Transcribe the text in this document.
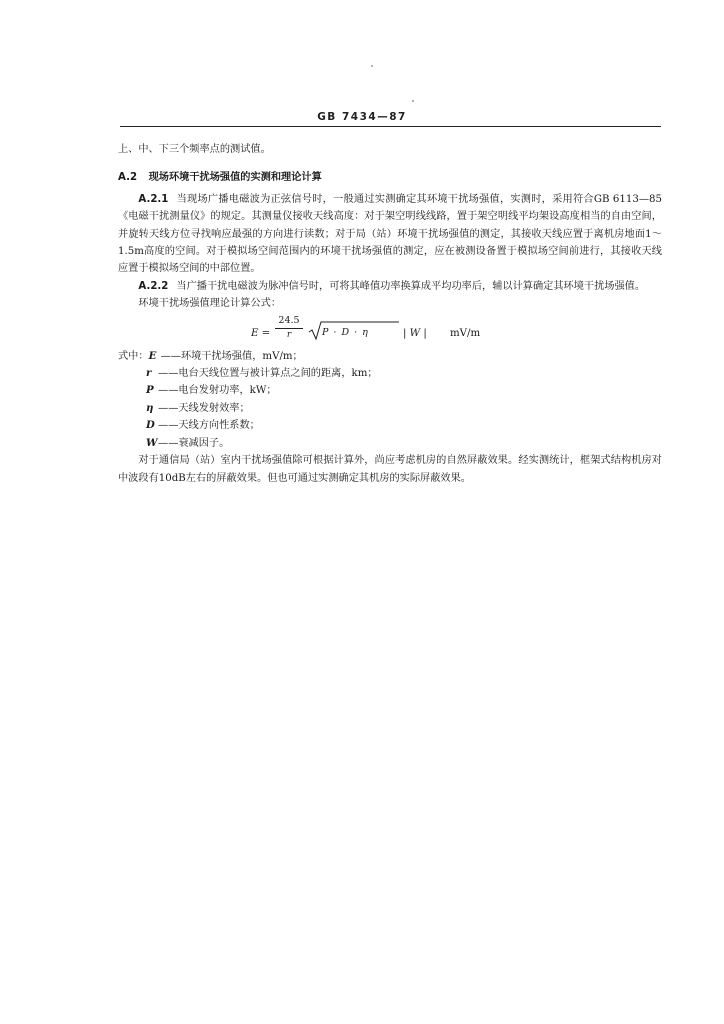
GB 7434—87

上、中、下三个频率点的测试值。

A.2 现场环境干扰场强值的实测和理论计算

A.2.1 当现场广播电磁波为正弦信号时，一般通过实测确定其环境干扰场强值，实测时，采用符合GB 6113—85《电磁干扰测量仪》的规定。其测量仪接收天线高度：对于架空明线线路，置于架空明线平均架设高度相当的自由空间，并旋转天线方位寻找响应最强的方向进行读数；对于局（站）环境干扰场强值的测定，其接收天线应置于离机房地面1～1.5m高度的空间。对于模拟场空间范围内的环境干扰场强值的测定，应在被测设备置于模拟场空间前进行，其接收天线应置于模拟场空间的中部位置。

A.2.2 当广播干扰电磁波为脉冲信号时，可将其峰值功率换算成平均功率后，辅以计算确定其环境干扰场强值。

环境干扰场强值理论计算公式：

E =
24.5
r	P · D · η	| W | mV/m

式中：E ——环境干扰场强值，mV/m；

r ——电台天线位置与被计算点之间的距离，km；

P ——电台发射功率，kW；

η ——天线发射效率；

D ——天线方向性系数；

W——衰减因子。

对于通信局（站）室内干扰场强值除可根据计算外，尚应考虑机房的自然屏蔽效果。经实测统计，框架式结构机房对中波段有10dB左右的屏蔽效果。但也可通过实测确定其机房的实际屏蔽效果。
